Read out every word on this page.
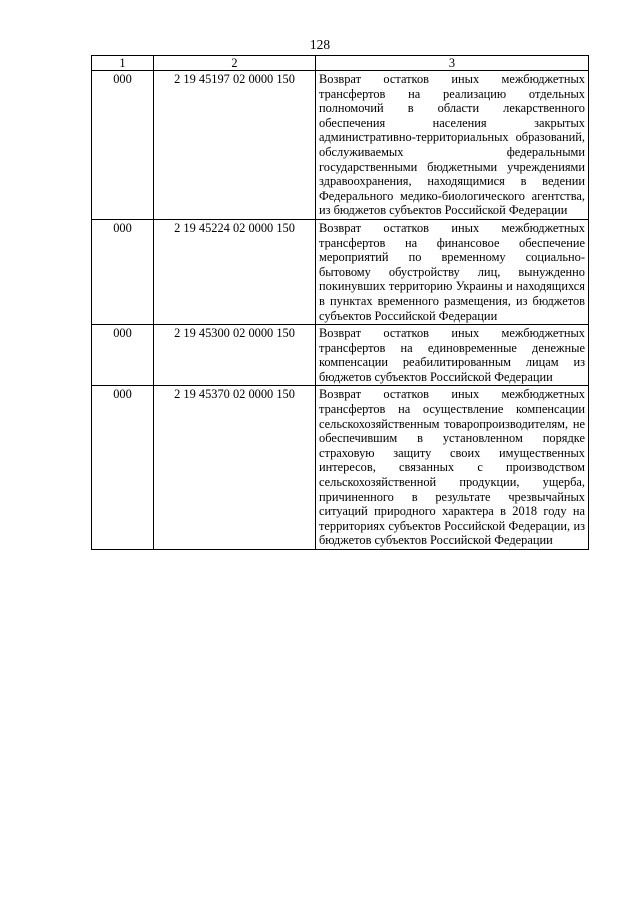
128
1	2	3
000	2 19 45197 02 0000 150	Возврат остатков иных межбюджетных трансфертов на реализацию отдельных полномочий в области лекарственного обеспечения населения закрытых административно-территориальных образований, обслуживаемых федеральными государственными бюджетными учреждениями здравоохранения, находящимися в ведении Федерального медико-биологического агентства, из бюджетов субъектов Российской Федерации
000	2 19 45224 02 0000 150	Возврат остатков иных межбюджетных трансфертов на финансовое обеспечение мероприятий по временному социально-бытовому обустройству лиц, вынужденно покинувших территорию Украины и находящихся в пунктах временного размещения, из бюджетов субъектов Российской Федерации
000	2 19 45300 02 0000 150	Возврат остатков иных межбюджетных трансфертов на единовременные денежные компенсации реабилитированным лицам из бюджетов субъектов Российской Федерации
000	2 19 45370 02 0000 150	Возврат остатков иных межбюджетных трансфертов на осуществление компенсации сельскохозяйственным товаропроизводителям, не обеспечившим в установленном порядке страховую защиту своих имущественных интересов, связанных с производством сельскохозяйственной продукции, ущерба, причиненного в результате чрезвычайных ситуаций природного характера в 2018 году на территориях субъектов Российской Федерации, из бюджетов субъектов Российской Федерации
